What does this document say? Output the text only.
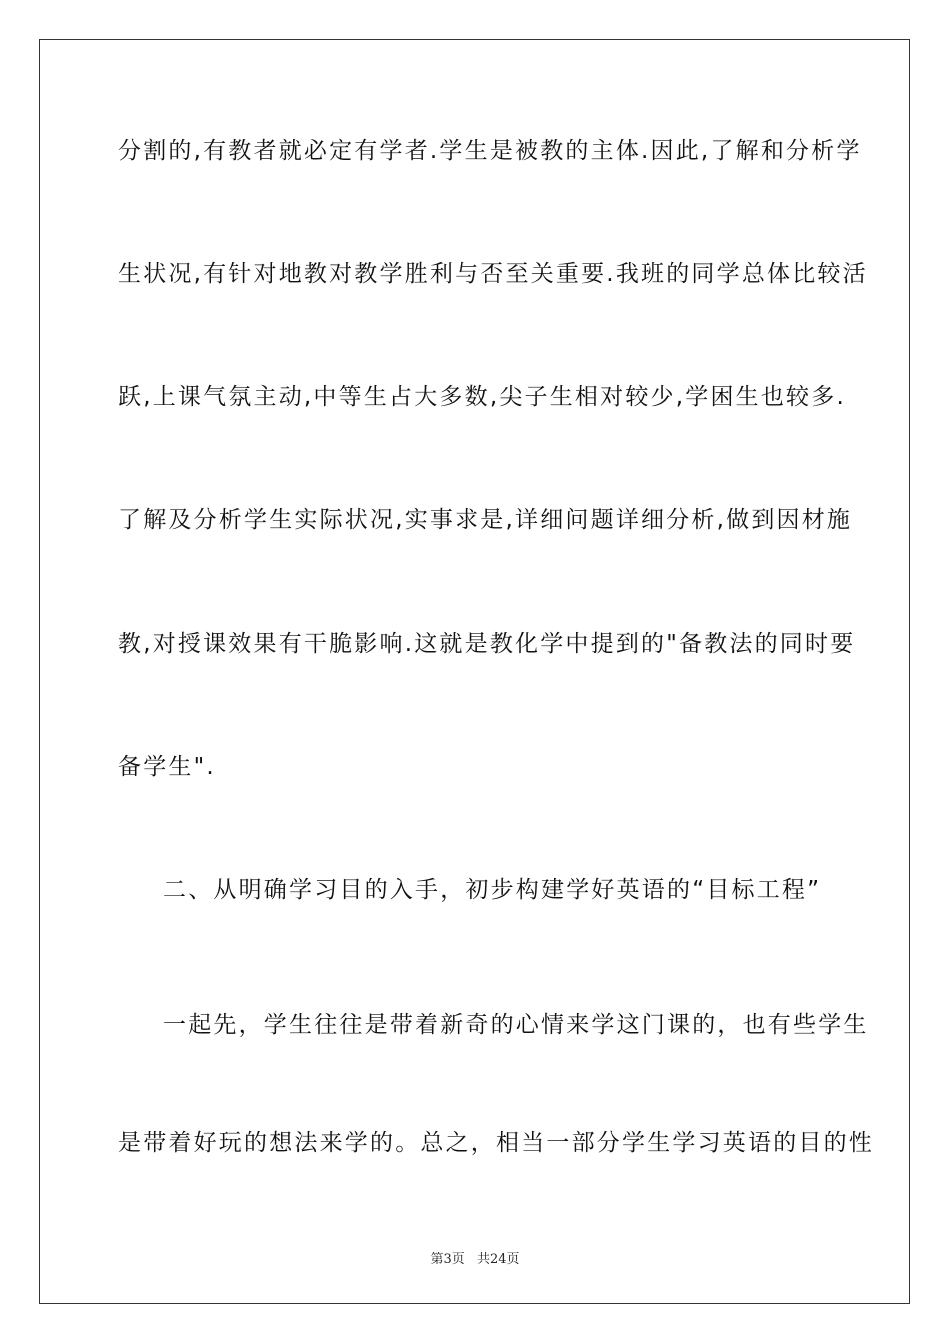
分割的,有教者就必定有学者.学生是被教的主体.因此,了解和分析学
生状况,有针对地教对教学胜利与否至关重要.我班的同学总体比较活
跃,上课气氛主动,中等生占大多数,尖子生相对较少,学困生也较多.
了解及分析学生实际状况,实事求是,详细问题详细分析,做到因材施
教,对授课效果有干脆影响.这就是教化学中提到的"备教法的同时要
备学生".
二、从明确学习目的入手，初步构建学好英语的“目标工程”
一起先，学生往往是带着新奇的心情来学这门课的，也有些学生
是带着好玩的想法来学的。总之，相当一部分学生学习英语的目的性
第3页 共24页
